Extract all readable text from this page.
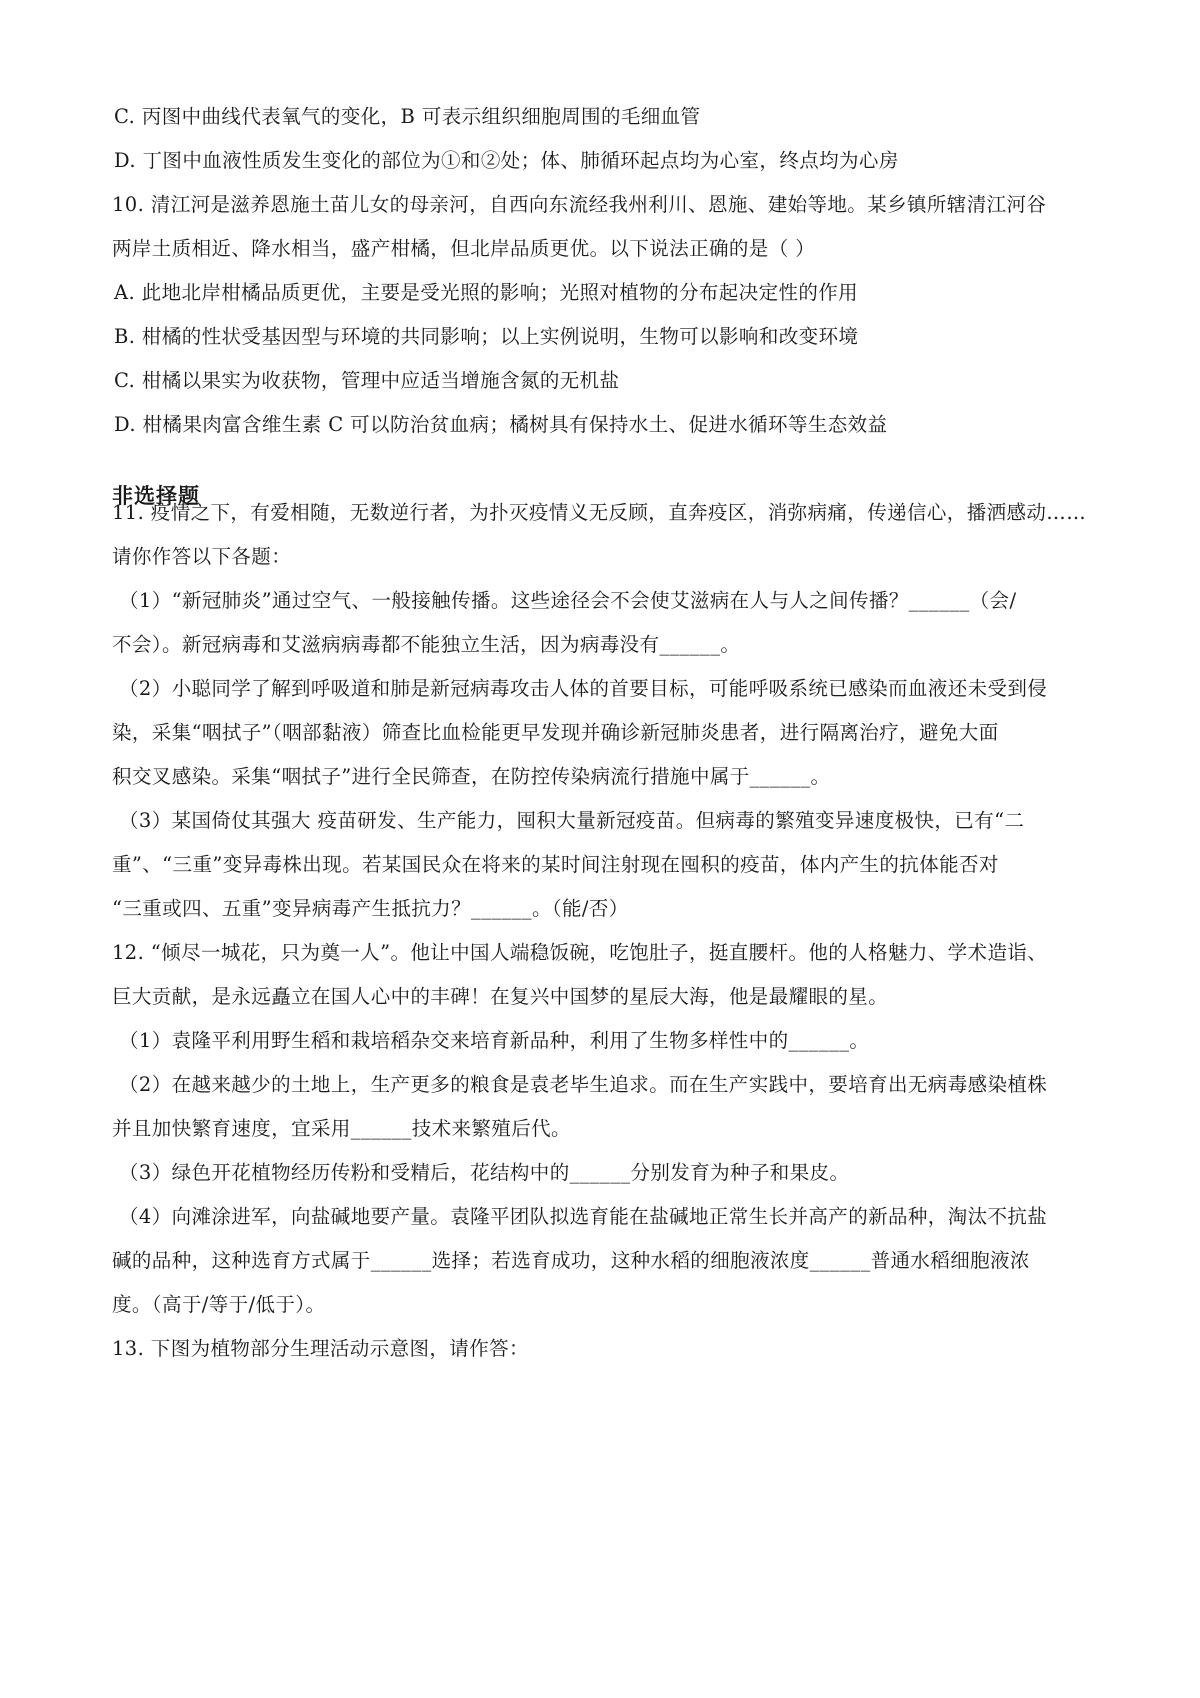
C. 丙图中曲线代表氧气的变化，B 可表示组织细胞周围的毛细血管
D. 丁图中血液性质发生变化的部位为①和②处；体、肺循环起点均为心室，终点均为心房
10. 清江河是滋养恩施土苗儿女的母亲河，自西向东流经我州利川、恩施、建始等地。某乡镇所辖清江河谷
两岸土质相近、降水相当，盛产柑橘，但北岸品质更优。以下说法正确的是（ ）
A. 此地北岸柑橘品质更优，主要是受光照的影响；光照对植物的分布起决定性的作用
B. 柑橘的性状受基因型与环境的共同影响；以上实例说明，生物可以影响和改变环境
C. 柑橘以果实为收获物，管理中应适当增施含氮的无机盐
D. 柑橘果肉富含维生素 C 可以防治贫血病；橘树具有保持水土、促进水循环等生态效益
非选择题
11. 疫情之下，有爱相随，无数逆行者，为扑灭疫情义无反顾，直奔疫区，消弥病痛，传递信心，播洒感动……
请你作答以下各题：
（1）“新冠肺炎”通过空气、一般接触传播。这些途径会不会使艾滋病在人与人之间传播？______（会/
不会）。新冠病毒和艾滋病病毒都不能独立生活，因为病毒没有______。
（2）小聪同学了解到呼吸道和肺是新冠病毒攻击人体的首要目标，可能呼吸系统已感染而血液还未受到侵
染，采集“咽拭子”（咽部黏液）筛查比血检能更早发现并确诊新冠肺炎患者，进行隔离治疗，避免大面
积交叉感染。采集“咽拭子”进行全民筛查，在防控传染病流行措施中属于______。
（3）某国倚仗其强大 疫苗研发、生产能力，囤积大量新冠疫苗。但病毒的繁殖变异速度极快，已有“二
重”、“三重”变异毒株出现。若某国民众在将来的某时间注射现在囤积的疫苗，体内产生的抗体能否对
“三重或四、五重”变异病毒产生抵抗力？______。（能/否）
12. “倾尽一城花，只为奠一人”。他让中国人端稳饭碗，吃饱肚子，挺直腰杆。他的人格魅力、学术造诣、
巨大贡献，是永远矗立在国人心中的丰碑！在复兴中国梦的星辰大海，他是最耀眼的星。
（1）袁隆平利用野生稻和栽培稻杂交来培育新品种，利用了生物多样性中的______。
（2）在越来越少的土地上，生产更多的粮食是袁老毕生追求。而在生产实践中，要培育出无病毒感染植株
并且加快繁育速度，宜采用______技术来繁殖后代。
（3）绿色开花植物经历传粉和受精后，花结构中的______分别发育为种子和果皮。
（4）向滩涂进军，向盐碱地要产量。袁隆平团队拟选育能在盐碱地正常生长并高产的新品种，淘汰不抗盐
碱的品种，这种选育方式属于______选择；若选育成功，这种水稻的细胞液浓度______普通水稻细胞液浓
度。（高于/等于/低于）。
13. 下图为植物部分生理活动示意图，请作答：
